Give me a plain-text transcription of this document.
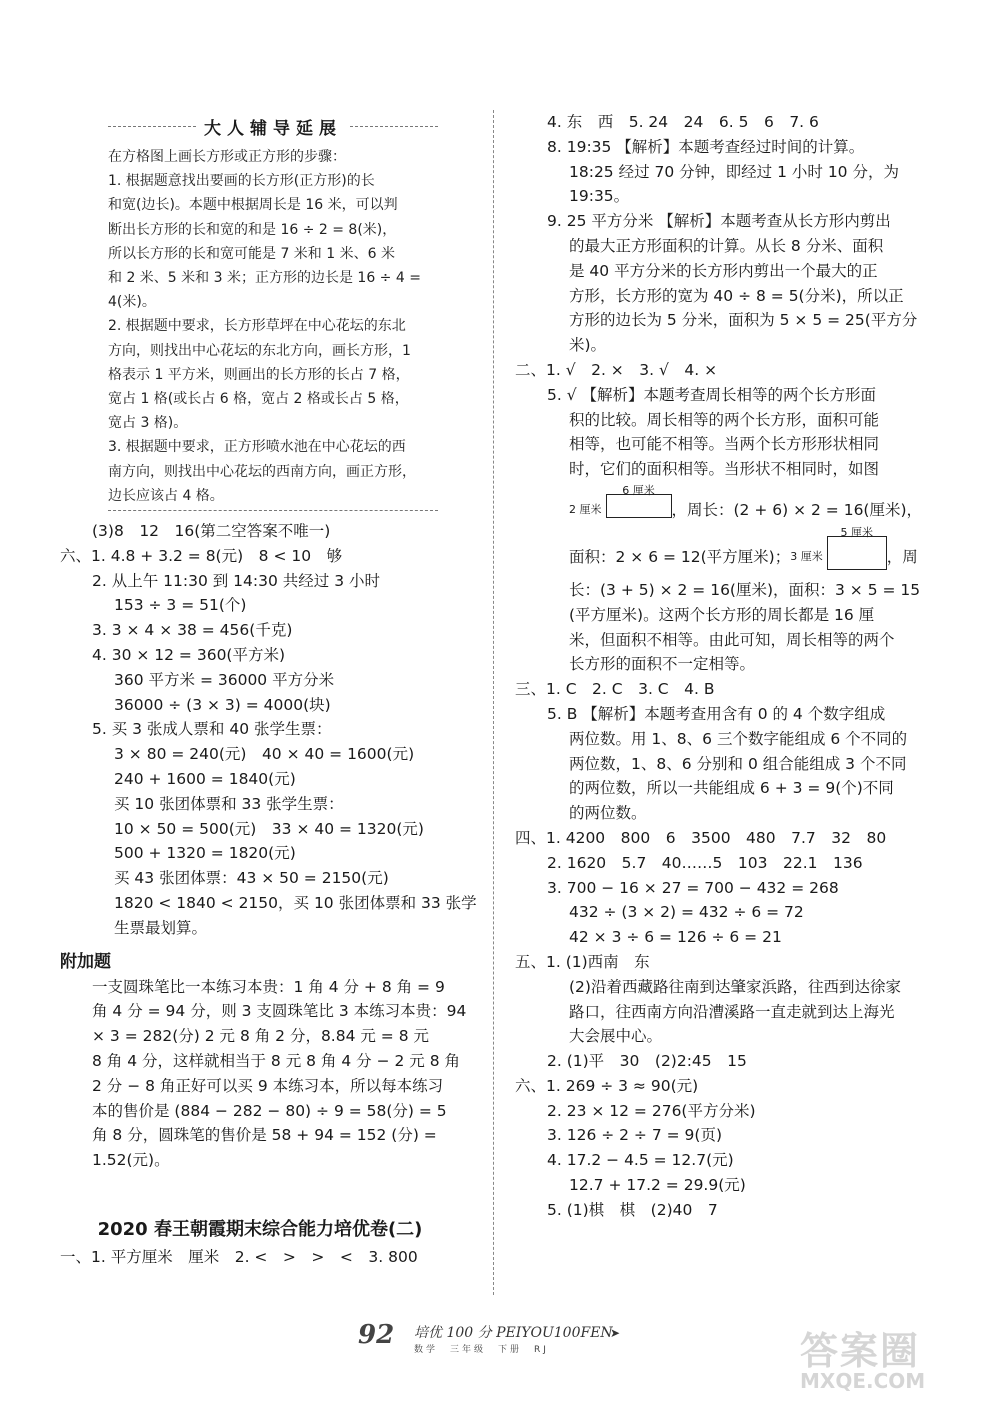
大人辅导延展
在方格图上画长方形或正方形的步骤：
1. 根据题意找出要画的长方形(正方形)的长
和宽(边长)。本题中根据周长是 16 米，可以判
断出长方形的长和宽的和是 16 ÷ 2 = 8(米)，
所以长方形的长和宽可能是 7 米和 1 米、6 米
和 2 米、5 米和 3 米；正方形的边长是 16 ÷ 4 =
4(米)。
2. 根据题中要求，长方形草坪在中心花坛的东北
方向，则找出中心花坛的东北方向，画长方形，1
格表示 1 平方米，则画出的长方形的长占 7 格，
宽占 1 格(或长占 6 格，宽占 2 格或长占 5 格，
宽占 3 格)。
3. 根据题中要求，正方形喷水池在中心花坛的西
南方向，则找出中心花坛的西南方向，画正方形，
边长应该占 4 格。
(3)8　12　16(第二空答案不唯一)
六、1. 4.8 + 3.2 = 8(元)　8 < 10　够
2. 从上午 11:30 到 14:30 共经过 3 小时
153 ÷ 3 = 51(个)
3. 3 × 4 × 38 = 456(千克)
4. 30 × 12 = 360(平方米)
360 平方米 = 36000 平方分米
36000 ÷ (3 × 3) = 4000(块)
5. 买 3 张成人票和 40 张学生票：
3 × 80 = 240(元)　40 × 40 = 1600(元)
240 + 1600 = 1840(元)
买 10 张团体票和 33 张学生票：
10 × 50 = 500(元)　33 × 40 = 1320(元)
500 + 1320 = 1820(元)
买 43 张团体票：43 × 50 = 2150(元)
1820 < 1840 < 2150，买 10 张团体票和 33 张学
生票最划算。
附加题
一支圆珠笔比一本练习本贵：1 角 4 分 + 8 角 = 9
角 4 分 = 94 分，则 3 支圆珠笔比 3 本练习本贵：94
× 3 = 282(分) 2 元 8 角 2 分，8.84 元 = 8 元
8 角 4 分，这样就相当于 8 元 8 角 4 分 − 2 元 8 角
2 分 − 8 角正好可以买 9 本练习本，所以每本练习
本的售价是 (884 − 282 − 80) ÷ 9 = 58(分) = 5
角 8 分，圆珠笔的售价是 58 + 94 = 152 (分) =
1.52(元)。
2020 春王朝霞期末综合能力培优卷(二)
一、1. 平方厘米　厘米　2. <　>　>　<　3. 800
4. 东　西　5. 24　24　6. 5　6　7. 6
8. 19:35 【解析】本题考查经过时间的计算。
18:25 经过 70 分钟，即经过 1 小时 10 分，为
19:35。
9. 25 平方分米 【解析】本题考查从长方形内剪出
的最大正方形面积的计算。从长 8 分米、面积
是 40 平方分米的长方形内剪出一个最大的正
方形，长方形的宽为 40 ÷ 8 = 5(分米)，所以正
方形的边长为 5 分米，面积为 5 × 5 = 25(平方分
米)。
二、1. √　2. ×　3. √　4. ×
5. √ 【解析】本题考查周长相等的两个长方形面
积的比较。周长相等的两个长方形，面积可能
相等，也可能不相等。当两个长方形形状相同
时，它们的面积相等。当形状不相同时，如图
2 厘米
6 厘米
，周长：(2 + 6) × 2 = 16(厘米)，
面积：2 × 6 = 12(平方厘米)； 3 厘米
5 厘米
，周
长：(3 + 5) × 2 = 16(厘米)，面积：3 × 5 = 15
(平方厘米)。这两个长方形的周长都是 16 厘
米，但面积不相等。由此可知，周长相等的两个
长方形的面积不一定相等。
三、1. C　2. C　3. C　4. B
5. B 【解析】本题考查用含有 0 的 4 个数字组成
两位数。用 1、8、6 三个数字能组成 6 个不同的
两位数，1、8、6 分别和 0 组合能组成 3 个不同
的两位数，所以一共能组成 6 + 3 = 9(个)不同
的两位数。
四、1. 4200　800　6　3500　480　7.7　32　80
2. 1620　5.7　40……5　103　22.1　136
3. 700 − 16 × 27 = 700 − 432 = 268
432 ÷ (3 × 2) = 432 ÷ 6 = 72
42 × 3 ÷ 6 = 126 ÷ 6 = 21
五、1. (1)西南　东
(2)沿着西藏路往南到达肇家浜路，往西到达徐家
路口，往西南方向沿漕溪路一直走就到达上海光
大会展中心。
2. (1)平　30　(2)2:45　15
六、1. 269 ÷ 3 ≈ 90(元)
2. 23 × 12 = 276(平方分米)
3. 126 ÷ 2 ÷ 7 = 9(页)
4. 17.2 − 4.5 = 12.7(元)
12.7 + 17.2 = 29.9(元)
5. (1)棋　棋　(2)40　7
92 培优 100 分 PEIYOU100FEN
数学　三年级　下册　RJ
➤	答案圈
MXQE.COM
